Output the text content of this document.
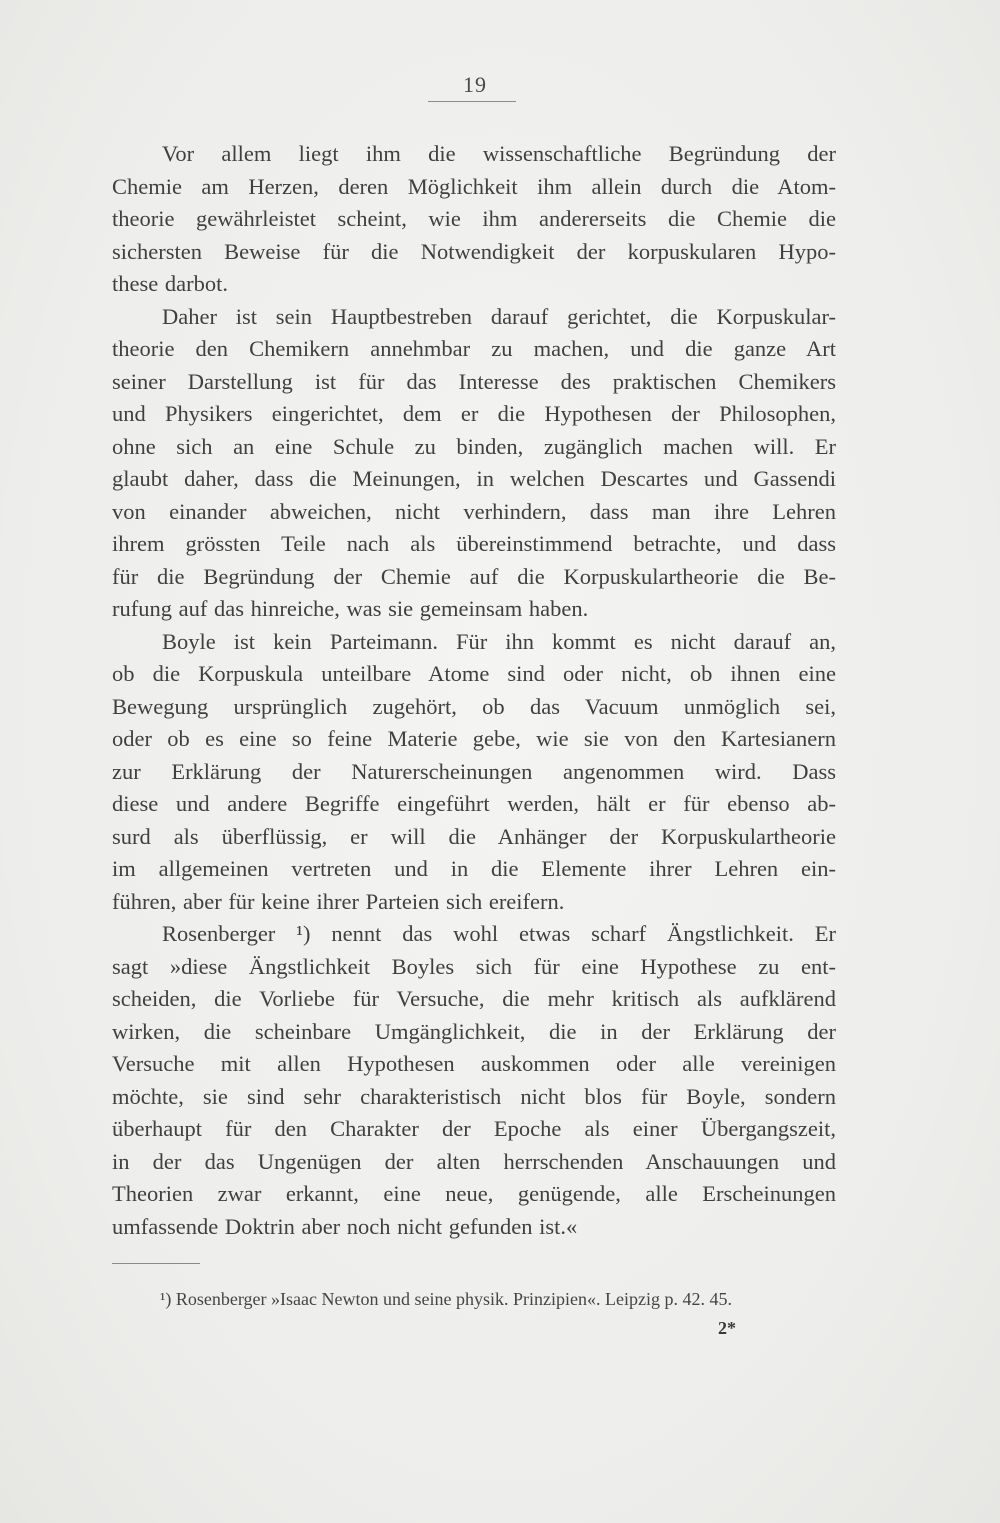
19
Vor allem liegt ihm die wissenschaftliche Begründung der
Chemie am Herzen, deren Möglichkeit ihm allein durch die Atom-
theorie gewährleistet scheint, wie ihm andererseits die Chemie die
sichersten Beweise für die Notwendigkeit der korpuskularen Hypo-
these darbot.
Daher ist sein Hauptbestreben darauf gerichtet, die Korpuskular-
theorie den Chemikern annehmbar zu machen, und die ganze Art
seiner Darstellung ist für das Interesse des praktischen Chemikers
und Physikers eingerichtet, dem er die Hypothesen der Philosophen,
ohne sich an eine Schule zu binden, zugänglich machen will. Er
glaubt daher, dass die Meinungen, in welchen Descartes und Gassendi
von einander abweichen, nicht verhindern, dass man ihre Lehren
ihrem grössten Teile nach als übereinstimmend betrachte, und dass
für die Begründung der Chemie auf die Korpuskulartheorie die Be-
rufung auf das hinreiche, was sie gemeinsam haben.
Boyle ist kein Parteimann. Für ihn kommt es nicht darauf an,
ob die Korpuskula unteilbare Atome sind oder nicht, ob ihnen eine
Bewegung ursprünglich zugehört, ob das Vacuum unmöglich sei,
oder ob es eine so feine Materie gebe, wie sie von den Kartesianern
zur Erklärung der Naturerscheinungen angenommen wird. Dass
diese und andere Begriffe eingeführt werden, hält er für ebenso ab-
surd als überflüssig, er will die Anhänger der Korpuskulartheorie
im allgemeinen vertreten und in die Elemente ihrer Lehren ein-
führen, aber für keine ihrer Parteien sich ereifern.
Rosenberger ¹) nennt das wohl etwas scharf Ängstlichkeit. Er
sagt »diese Ängstlichkeit Boyles sich für eine Hypothese zu ent-
scheiden, die Vorliebe für Versuche, die mehr kritisch als aufklärend
wirken, die scheinbare Umgänglichkeit, die in der Erklärung der
Versuche mit allen Hypothesen auskommen oder alle vereinigen
möchte, sie sind sehr charakteristisch nicht blos für Boyle, sondern
überhaupt für den Charakter der Epoche als einer Übergangszeit,
in der das Ungenügen der alten herrschenden Anschauungen und
Theorien zwar erkannt, eine neue, genügende, alle Erscheinungen
umfassende Doktrin aber noch nicht gefunden ist.«
¹) Rosenberger »Isaac Newton und seine physik. Prinzipien«. Leipzig p. 42. 45.
2*
